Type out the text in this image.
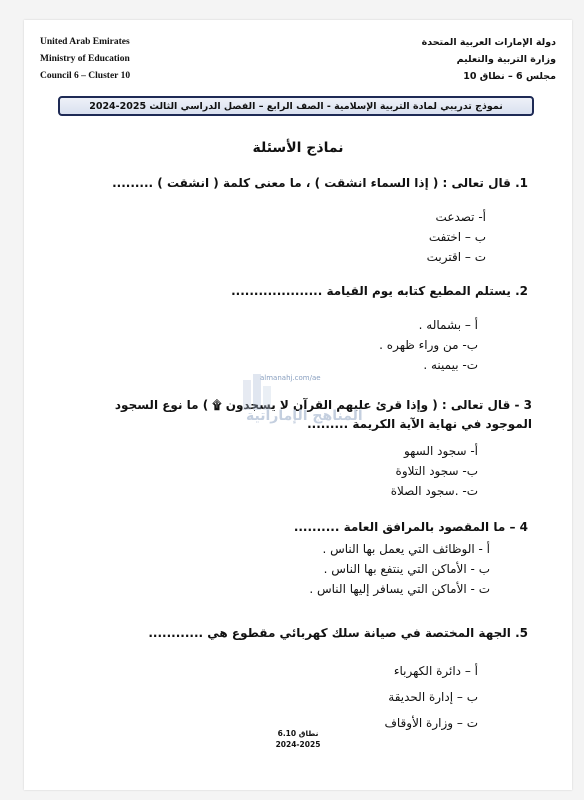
United Arab Emirates
Ministry of Education
Council 6 – Cluster 10
دولة الإمارات العربية المتحدة
وزارة التربية والتعليم
مجلس 6 – نطاق 10
نموذج تدريبي لمادة التربية الإسلامية - الصف الرابع – الفصل الدراسي الثالث 2025-2024
نماذج الأسئلة
1. قال تعالى : ( إذا السماء انشقت ) ، ما معنى كلمة ( انشقت ) .........
أ- تصدعت
ب – اختفت
ت – اقتربت
2. يستلم المطيع كتابه يوم القيامة ....................
أ – بشماله .
ب- من وراء ظهره .
ت- بيمينه .
3 - قال تعالى : ( وإذا قرئ عليهم القرآن لا يسجدون ۩ ) ما نوع السجود الموجود في نهاية الآية الكريمة .........
أ- سجود السهو
ب- سجود التلاوة
ت- .سجود الصلاة
4 – ما المقصود بالمرافق العامة ..........
أ - الوظائف التي يعمل بها الناس .
ب - الأماكن التي ينتفع بها الناس .
ت - الأماكن التي يسافر إليها الناس .
5. الجهة المختصة في صيانة سلك كهربائي مقطوع هي ............
أ – دائرة الكهرباء
ب – إدارة الحديقة
ت – وزارة الأوقاف
almanahj.com/ae
المناهج الإماراتية
نطاق 6.10
2024-2025
